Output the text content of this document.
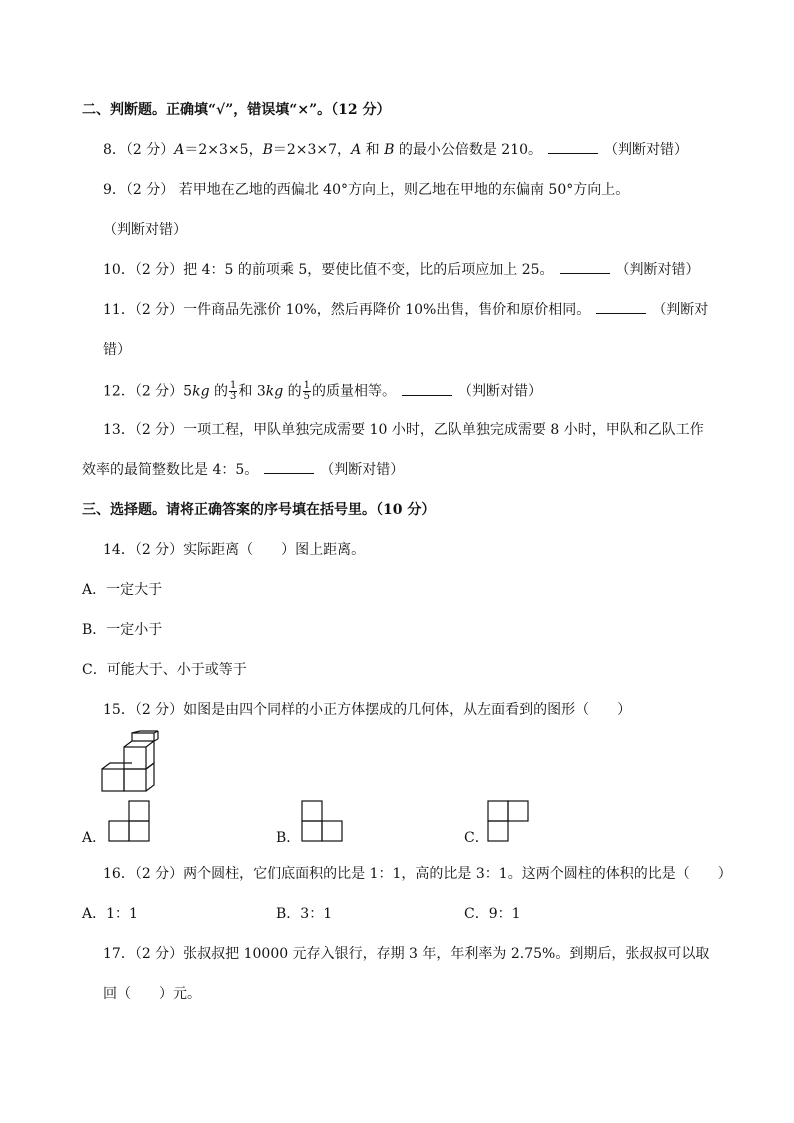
二、判断题。正确填“√”，错误填“×”。（12 分）
8．（2 分）A＝2×3×5，B＝2×3×7，A 和 B 的最小公倍数是 210。	（判断对错）
9．（2 分） 若甲地在乙地的西偏北 40°方向上，则乙地在甲地的东偏南 50°方向上。
（判断对错）
10．（2 分）把 4：5 的前项乘 5，要使比值不变，比的后项应加上 25。	（判断对错）
11．（2 分）一件商品先涨价 10%，然后再降价 10%出售，售价和原价相同。	（判断对
错）
12．（2 分）5kg 的 $\frac{1}{3}$ 和 3kg 的 $\frac{1}{5}$ 的质量相等。	（判断对错）
13．（2 分）一项工程，甲队单独完成需要 10 小时，乙队单独完成需要 8 小时，甲队和乙队工作
效率的最简整数比是 4：5。	（判断对错）
三、选择题。请将正确答案的序号填在括号里。（10 分）
14．（2 分）实际距离（　　）图上距离。
A．一定大于
B．一定小于
C．可能大于、小于或等于
15．（2 分）如图是由四个同样的小正方体摆成的几何体，从左面看到的图形（　　）
A．	B．	C．
16．（2 分）两个圆柱，它们底面积的比是 1：1，高的比是 3：1。这两个圆柱的体积的比是（　　）
A．1：1	B．3：1	C．9：1
17．（2 分）张叔叔把 10000 元存入银行，存期 3 年，年利率为 2.75%。到期后，张叔叔可以取
回（　　）元。
